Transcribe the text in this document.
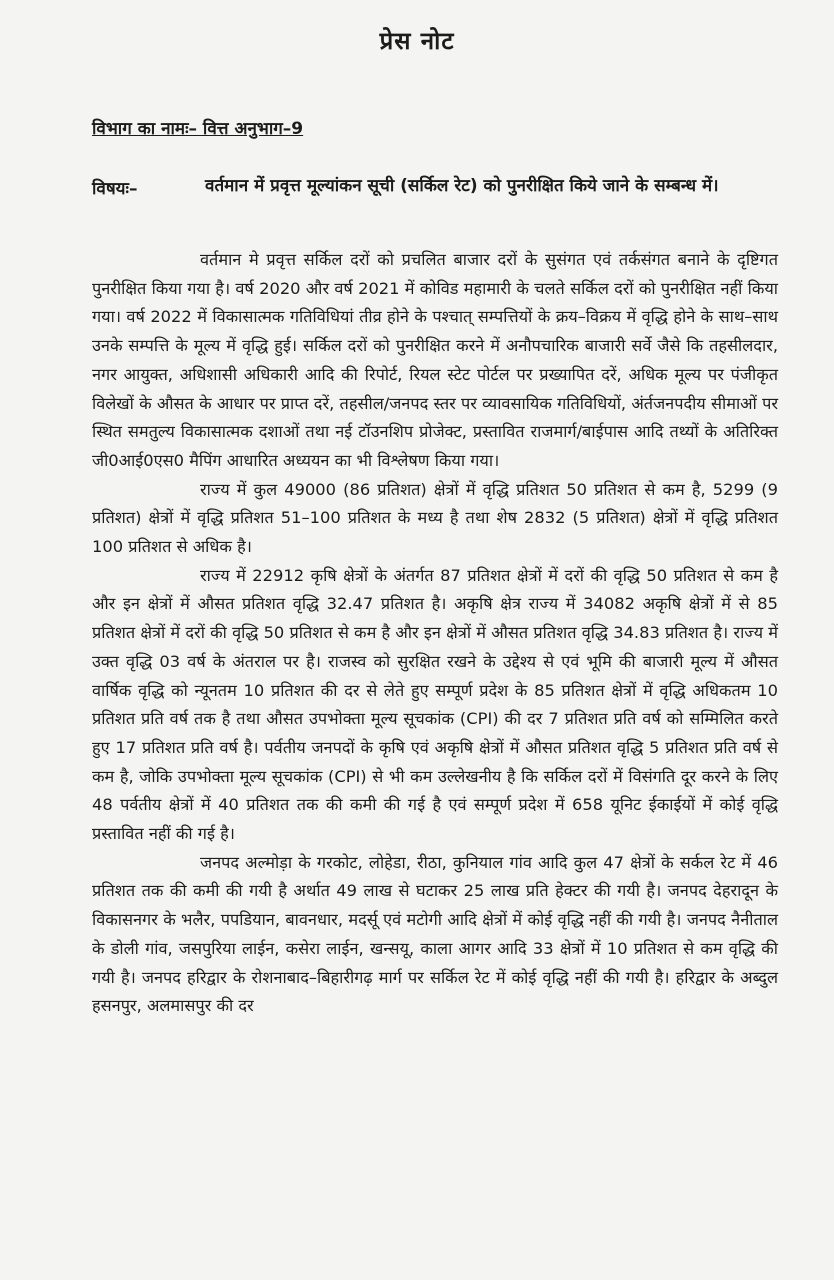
प्रेस नोट
विभाग का नामः– वित्त अनुभाग–9
विषयः–	वर्तमान में प्रवृत्त मूल्यांकन सूची (सर्किल रेट) को पुनरीक्षित किये जाने के सम्बन्ध में।

वर्तमान मे प्रवृत्त सर्किल दरों को प्रचलित बाजार दरों के सुसंगत एवं तर्कसंगत बनाने के दृष्टिगत पुनरीक्षित किया गया है। वर्ष 2020 और वर्ष 2021 में कोविड महामारी के चलते सर्किल दरों को पुनरीक्षित नहीं किया गया। वर्ष 2022 में विकासात्मक गतिविधियां तीव्र होने के पश्चात् सम्पत्तियों के क्रय–विक्रय में वृद्धि होने के साथ–साथ उनके सम्पत्ति के मूल्य में वृद्धि हुई। सर्किल दरों को पुनरीक्षित करने में अनौपचारिक बाजारी सर्वे जैसे कि तहसीलदार, नगर आयुक्त, अधिशासी अधिकारी आदि की रिपोर्ट, रियल स्टेट पोर्टल पर प्रख्यापित दरें, अधिक मूल्य पर पंजीकृत विलेखों के औसत के आधार पर प्राप्त दरें, तहसील/जनपद स्तर पर व्यावसायिक गतिविधियों, अंर्तजनपदीय सीमाओं पर स्थित समतुल्य विकासात्मक दशाओं तथा नई टॉउनशिप प्रोजेक्ट, प्रस्तावित राजमार्ग/बाईपास आदि तथ्यों के अतिरिक्त जी0आई0एस0 मैपिंग आधारित अध्ययन का भी विश्लेषण किया गया।

राज्य में कुल 49000 (86 प्रतिशत) क्षेत्रों में वृद्धि प्रतिशत 50 प्रतिशत से कम है, 5299 (9 प्रतिशत) क्षेत्रों में वृद्धि प्रतिशत 51–100 प्रतिशत के मध्य है तथा शेष 2832 (5 प्रतिशत) क्षेत्रों में वृद्धि प्रतिशत 100 प्रतिशत से अधिक है।

राज्य में 22912 कृषि क्षेत्रों के अंतर्गत 87 प्रतिशत क्षेत्रों में दरों की वृद्धि 50 प्रतिशत से कम है और इन क्षेत्रों में औसत प्रतिशत वृद्धि 32.47 प्रतिशत है। अकृषि क्षेत्र राज्य में 34082 अकृषि क्षेत्रों में से 85 प्रतिशत क्षेत्रों में दरों की वृद्धि 50 प्रतिशत से कम है और इन क्षेत्रों में औसत प्रतिशत वृद्धि 34.83 प्रतिशत है। राज्य में उक्त वृद्धि 03 वर्ष के अंतराल पर है। राजस्व को सुरक्षित रखने के उद्देश्य से एवं भूमि की बाजारी मूल्य में औसत वार्षिक वृद्धि को न्यूनतम 10 प्रतिशत की दर से लेते हुए सम्पूर्ण प्रदेश के 85 प्रतिशत क्षेत्रों में वृद्धि अधिकतम 10 प्रतिशत प्रति वर्ष तक है तथा औसत उपभोक्ता मूल्य सूचकांक (CPI) की दर 7 प्रतिशत प्रति वर्ष को सम्मिलित करते हुए 17 प्रतिशत प्रति वर्ष है। पर्वतीय जनपदों के कृषि एवं अकृषि क्षेत्रों में औसत प्रतिशत वृद्धि 5 प्रतिशत प्रति वर्ष से कम है, जोकि उपभोक्ता मूल्य सूचकांक (CPI) से भी कम उल्लेखनीय है कि सर्किल दरों में विसंगति दूर करने के लिए 48 पर्वतीय क्षेत्रों में 40 प्रतिशत तक की कमी की गई है एवं सम्पूर्ण प्रदेश में 658 यूनिट ईकाईयों में कोई वृद्धि प्रस्तावित नहीं की गई है।

जनपद अल्मोड़ा के गरकोट, लोहेडा, रीठा, कुनियाल गांव आदि कुल 47 क्षेत्रों के सर्कल रेट में 46 प्रतिशत तक की कमी की गयी है अर्थात 49 लाख से घटाकर 25 लाख प्रति हेक्टर की गयी है। जनपद देहरादून के विकासनगर के भलैर, पपडियान, बावनधार, मदर्सू एवं मटोगी आदि क्षेत्रों में कोई वृद्धि नहीं की गयी है। जनपद नैनीताल के डोली गांव, जसपुरिया लाईन, कसेरा लाईन, खन्सयू, काला आगर आदि 33 क्षेत्रों में 10 प्रतिशत से कम वृद्धि की गयी है। जनपद हरिद्वार के रोशनाबाद–बिहारीगढ़ मार्ग पर सर्किल रेट में कोई वृद्धि नहीं की गयी है। हरिद्वार के अब्दुल हसनपुर, अलमासपुर की दर
